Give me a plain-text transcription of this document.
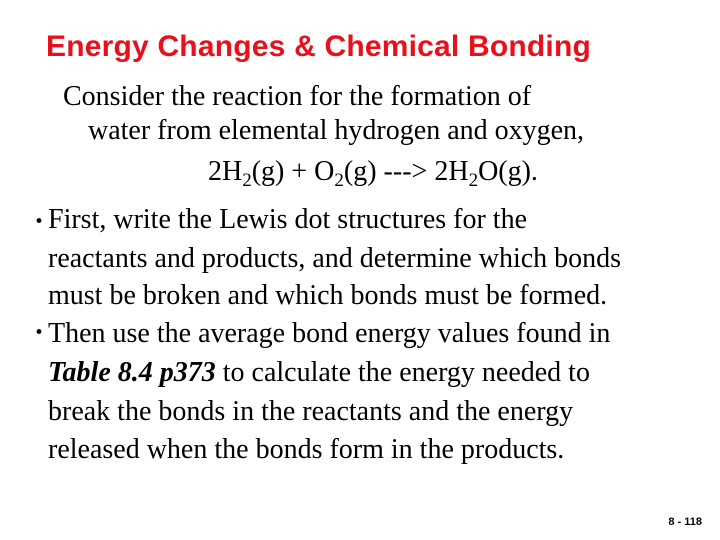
Energy Changes & Chemical Bonding
Consider the reaction for the formation of
water from elemental hydrogen and oxygen,
$2H_2(g) + O_2(g)$ ---> $2H_2O(g)$.
• First, write the Lewis dot structures for the
reactants and products, and determine which bonds
must be broken and which bonds must be formed.
• Then use the average bond energy values found in
Table 8.4 p373 to calculate the energy needed to
break the bonds in the reactants and the energy
released when the bonds form in the products.
8 - 118
